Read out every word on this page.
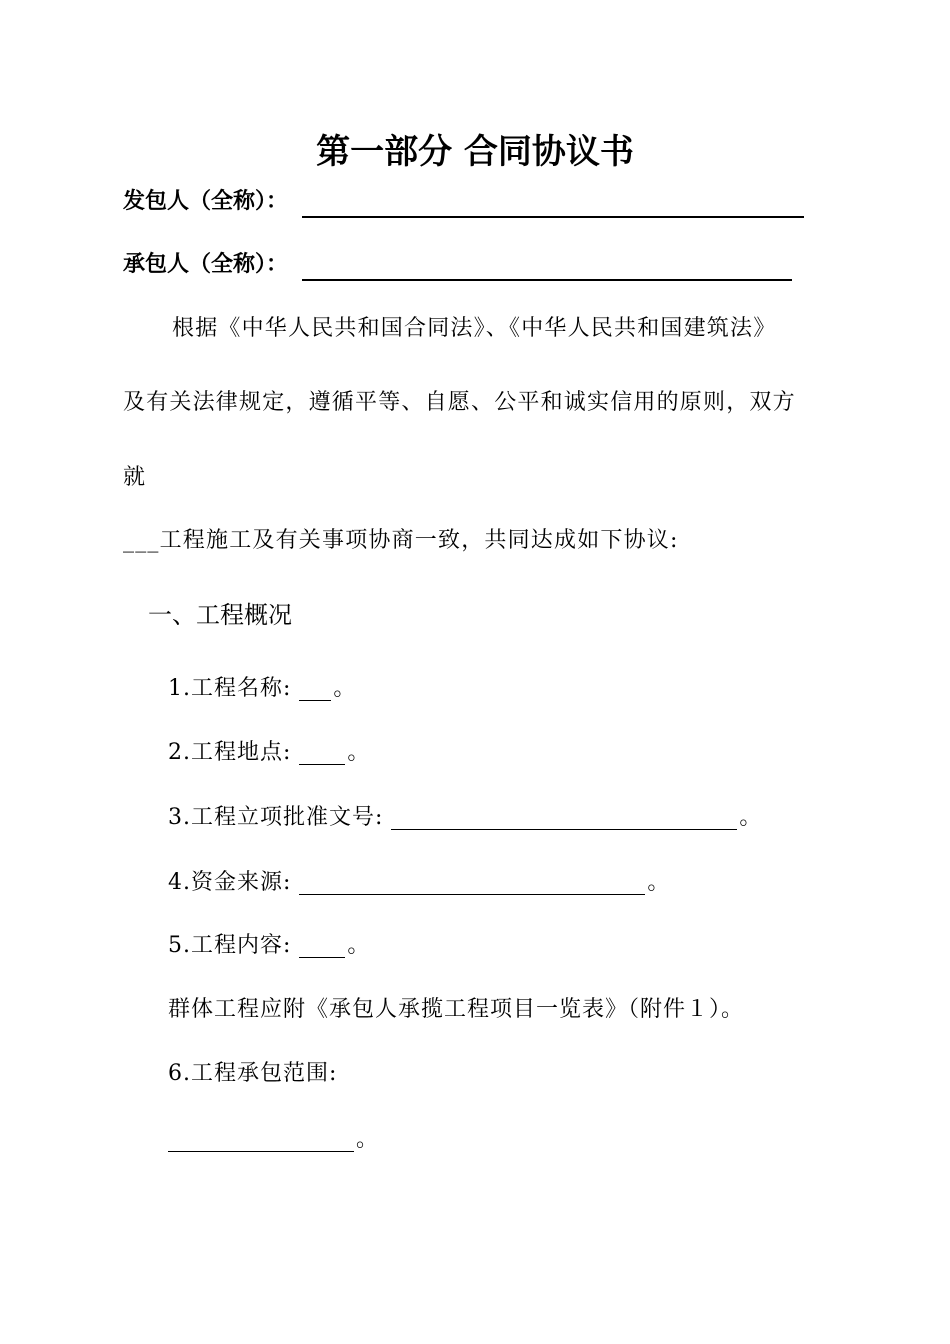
第一部分 合同协议书
发包人（全称）：
承包人（全称）：
根据《中华人民共和国合同法》、《中华人民共和国建筑法》
及有关法律规定，遵循平等、自愿、公平和诚实信用的原则，双方
就
___工程施工及有关事项协商一致，共同达成如下协议:
一、工程概况
1.工程名称: 。
2.工程地点:	。
3.工程立项批准文号:	。
4.资金来源:	。
5.工程内容:	。
群体工程应附《承包人承揽工程项目一览表》（附件１）。
6.工程承包范围:
。
